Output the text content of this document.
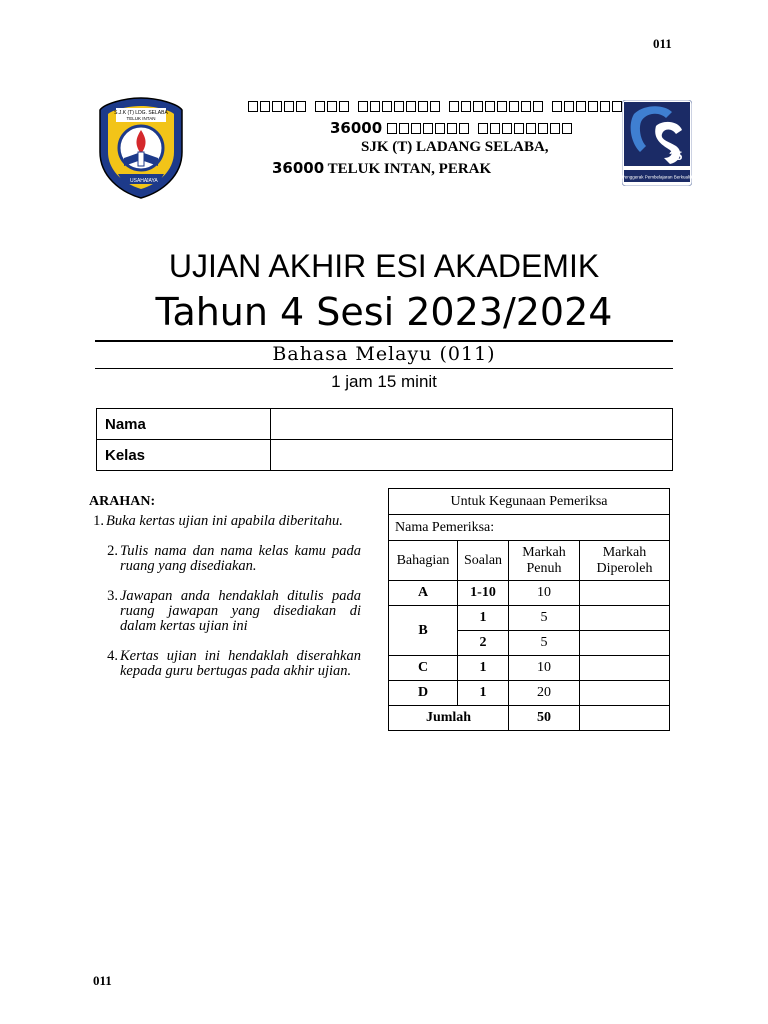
011
011
S.J.K (T) LDG. SELABA
TELUK INTAN
USAHA
JAYA
36000
SJK (T) LADANG SELABA,
36000 TELUK INTAN, PERAK
25
Penggerak Pembelajaran Berkualiti
UJIAN AKHIR ESI AKADEMIK
Tahun 4 Sesi 2023/2024
Bahasa Melayu (011)
1 jam 15 minit
Nama	
Kelas	
ARAHAN:
1. Buka kertas ujian ini apabila diberitahu.
2. Tulis nama dan nama kelas kamu pada ruang yang disediakan.
3. Jawapan anda hendaklah ditulis pada ruang jawapan yang disediakan di dalam kertas ujian ini
4. Kertas ujian ini hendaklah diserahkan kepada guru bertugas pada akhir ujian.
Untuk Kegunaan Pemeriksa			
Nama Pemeriksa:			
Bahagian	Soalan	Markah Penuh	Markah Diperoleh
A	1-10	10	
B	1	5	
	2	5	
C	1	10	
D	1	20	
Jumlah		50	
